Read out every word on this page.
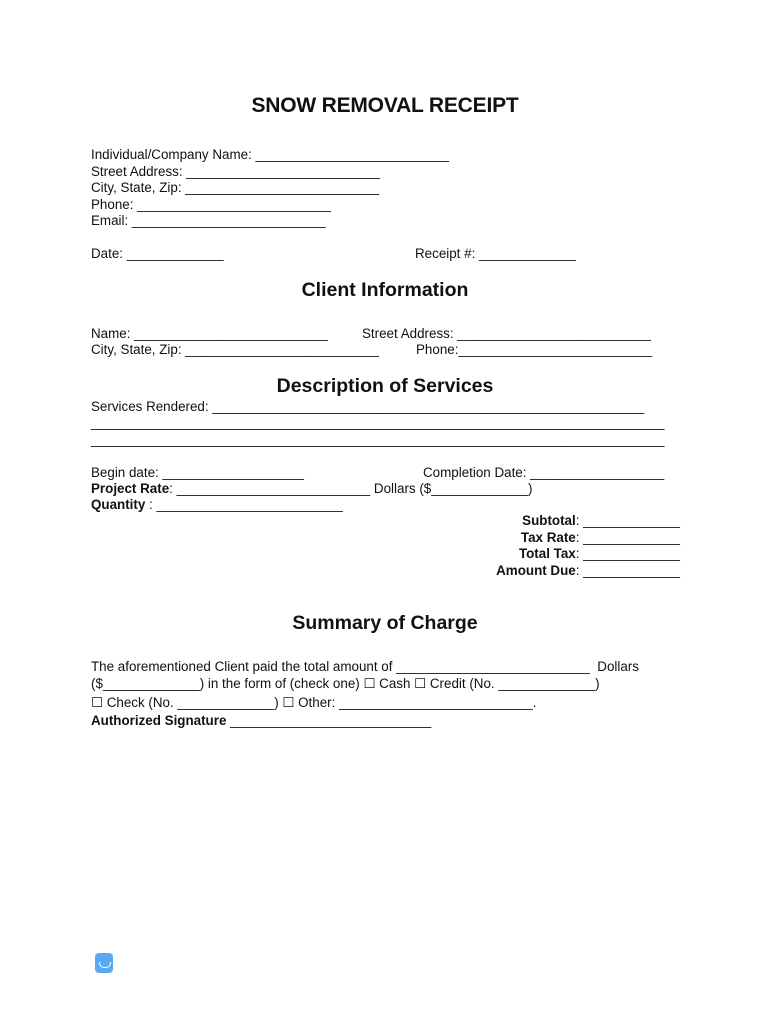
SNOW REMOVAL RECEIPT
Individual/Company Name: __________________________
Street Address: __________________________
City, State, Zip: __________________________
Phone: __________________________
Email: __________________________
Date: _____________	Receipt #: _____________
Client Information
Name: __________________________	Street Address: __________________________
City, State, Zip: __________________________	Phone:__________________________
Description of Services
Services Rendered: __________________________________________________________
_____________________________________________________________________________
_____________________________________________________________________________
Begin date: ___________________	Completion Date: __________________
Project Rate: __________________________ Dollars ($_____________)
Quantity : _________________________
Subtotal: _____________
Tax Rate: _____________
Total Tax: _____________
Amount Due: _____________
Summary of Charge
The aforementioned Client paid the total amount of __________________________  Dollars
($_____________) in the form of (check one) ☐ Cash ☐ Credit (No. _____________)
☐ Check (No. _____________) ☐ Other: __________________________.
Authorized Signature ___________________________
